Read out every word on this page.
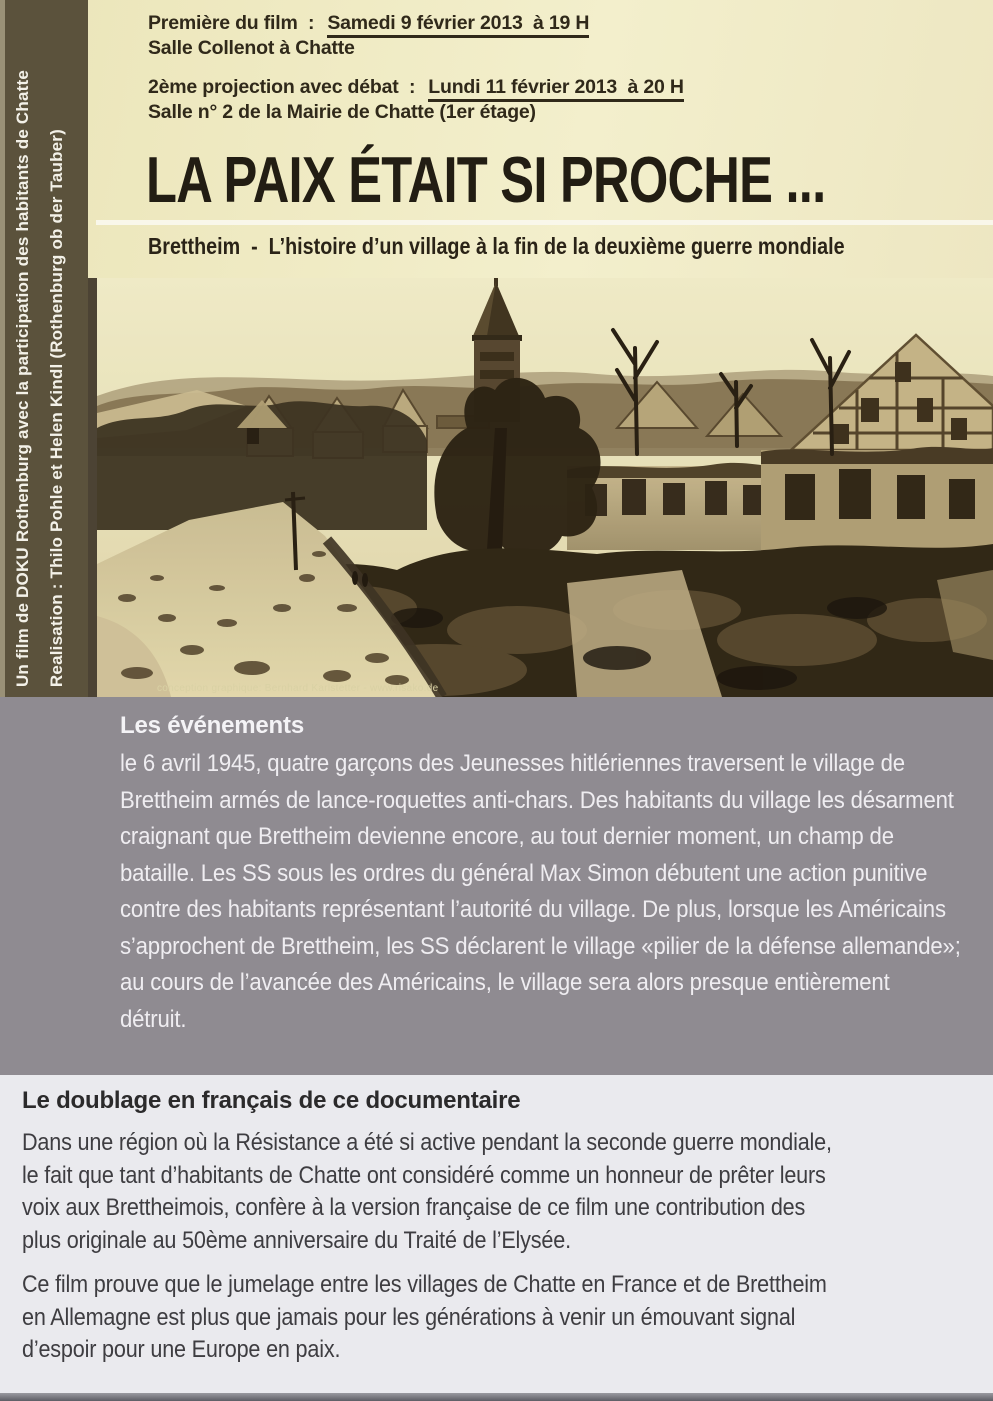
Un film de DOKU Rothenburg avec la participation des habitants de Chatte Realisation : Thilo Pohle et Helen Kindl (Rothenburg ob der Tauber)

Première du film  : Samedi 9 février 2013  à 19 H

Salle Collenot à Chatte

2ème projection avec débat  : Lundi 11 février 2013  à 20 H

Salle n° 2 de la Mairie de Chatte (1er étage)

LA PAIX ÉTAIT SI PROCHE ...
Brettheim  -  L’histoire d’un village à la fin de la deuxième guerre mondiale
conception graphique: Bernhard Karlstetter - www.risako.de
Les événements

le 6 avril 1945, quatre garçons des Jeunesses hitlériennes traversent le village de Brettheim armés de lance-roquettes anti-chars. Des habitants du village les désarment craignant que Brettheim devienne encore, au tout dernier moment, un champ de bataille. Les SS sous les ordres du général Max Simon débutent une action punitive contre des habitants représentant l’autorité du village. De plus, lorsque les Américains s’approchent de Brettheim, les SS déclarent le village «pilier de la défense allemande»; au cours de l’avancée des Américains, le village sera alors presque entièrement détruit.

Le doublage en français de ce documentaire

Dans une région où la Résistance a été si active pendant la seconde guerre mondiale, le fait que tant d’habitants de Chatte ont considéré comme un honneur de prêter leurs voix aux Brettheimois, confère à la version française de ce film une contribution des plus originale au 50ème anniversaire du Traité de l’Elysée.

Ce film prouve que le jumelage entre les villages de Chatte en France et de Brettheim en Allemagne est plus que jamais pour les générations à venir un émouvant signal d’espoir pour une Europe en paix.
